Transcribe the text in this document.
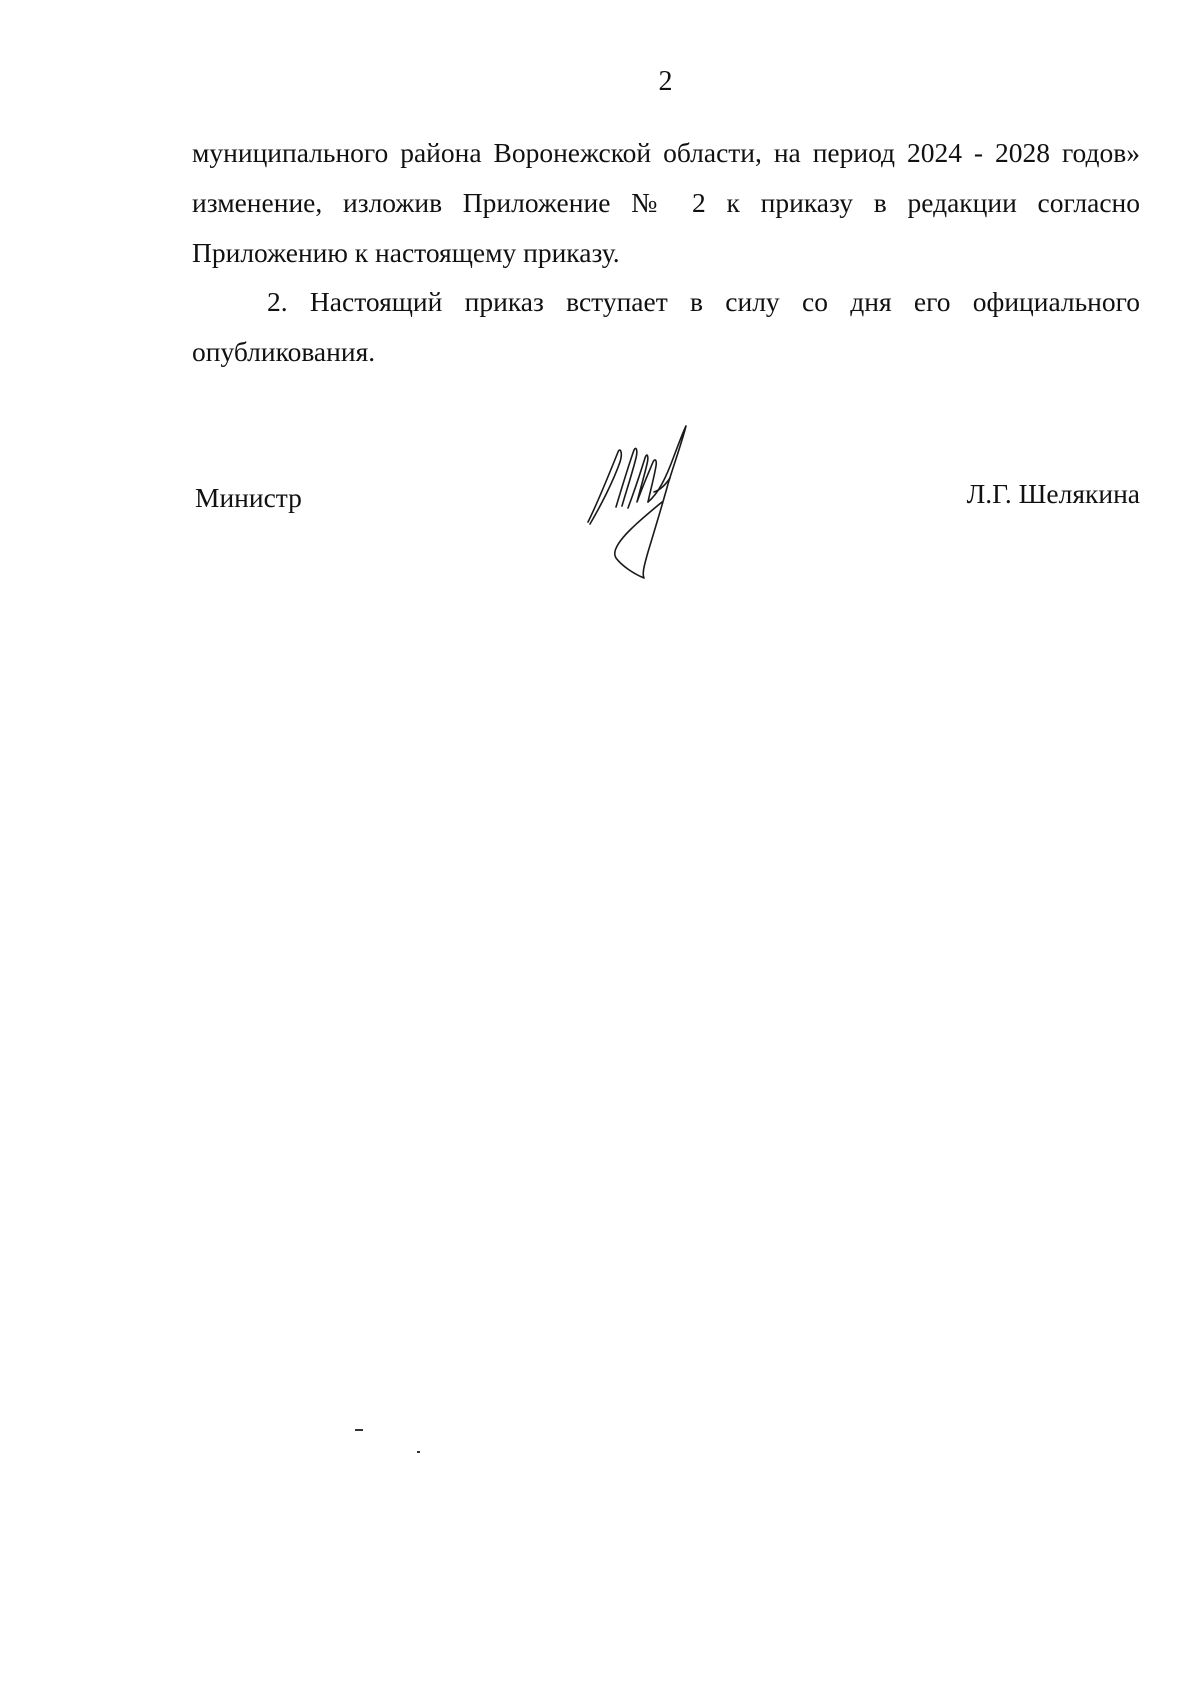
2
муниципального района Воронежской области, на период 2024 - 2028 годов»
изменение, изложив Приложение № 2 к приказу в редакции согласно
Приложению к настоящему приказу.
2. Настоящий приказ вступает в силу со дня его официального
опубликования.
Министр	Л.Г. Шелякина
